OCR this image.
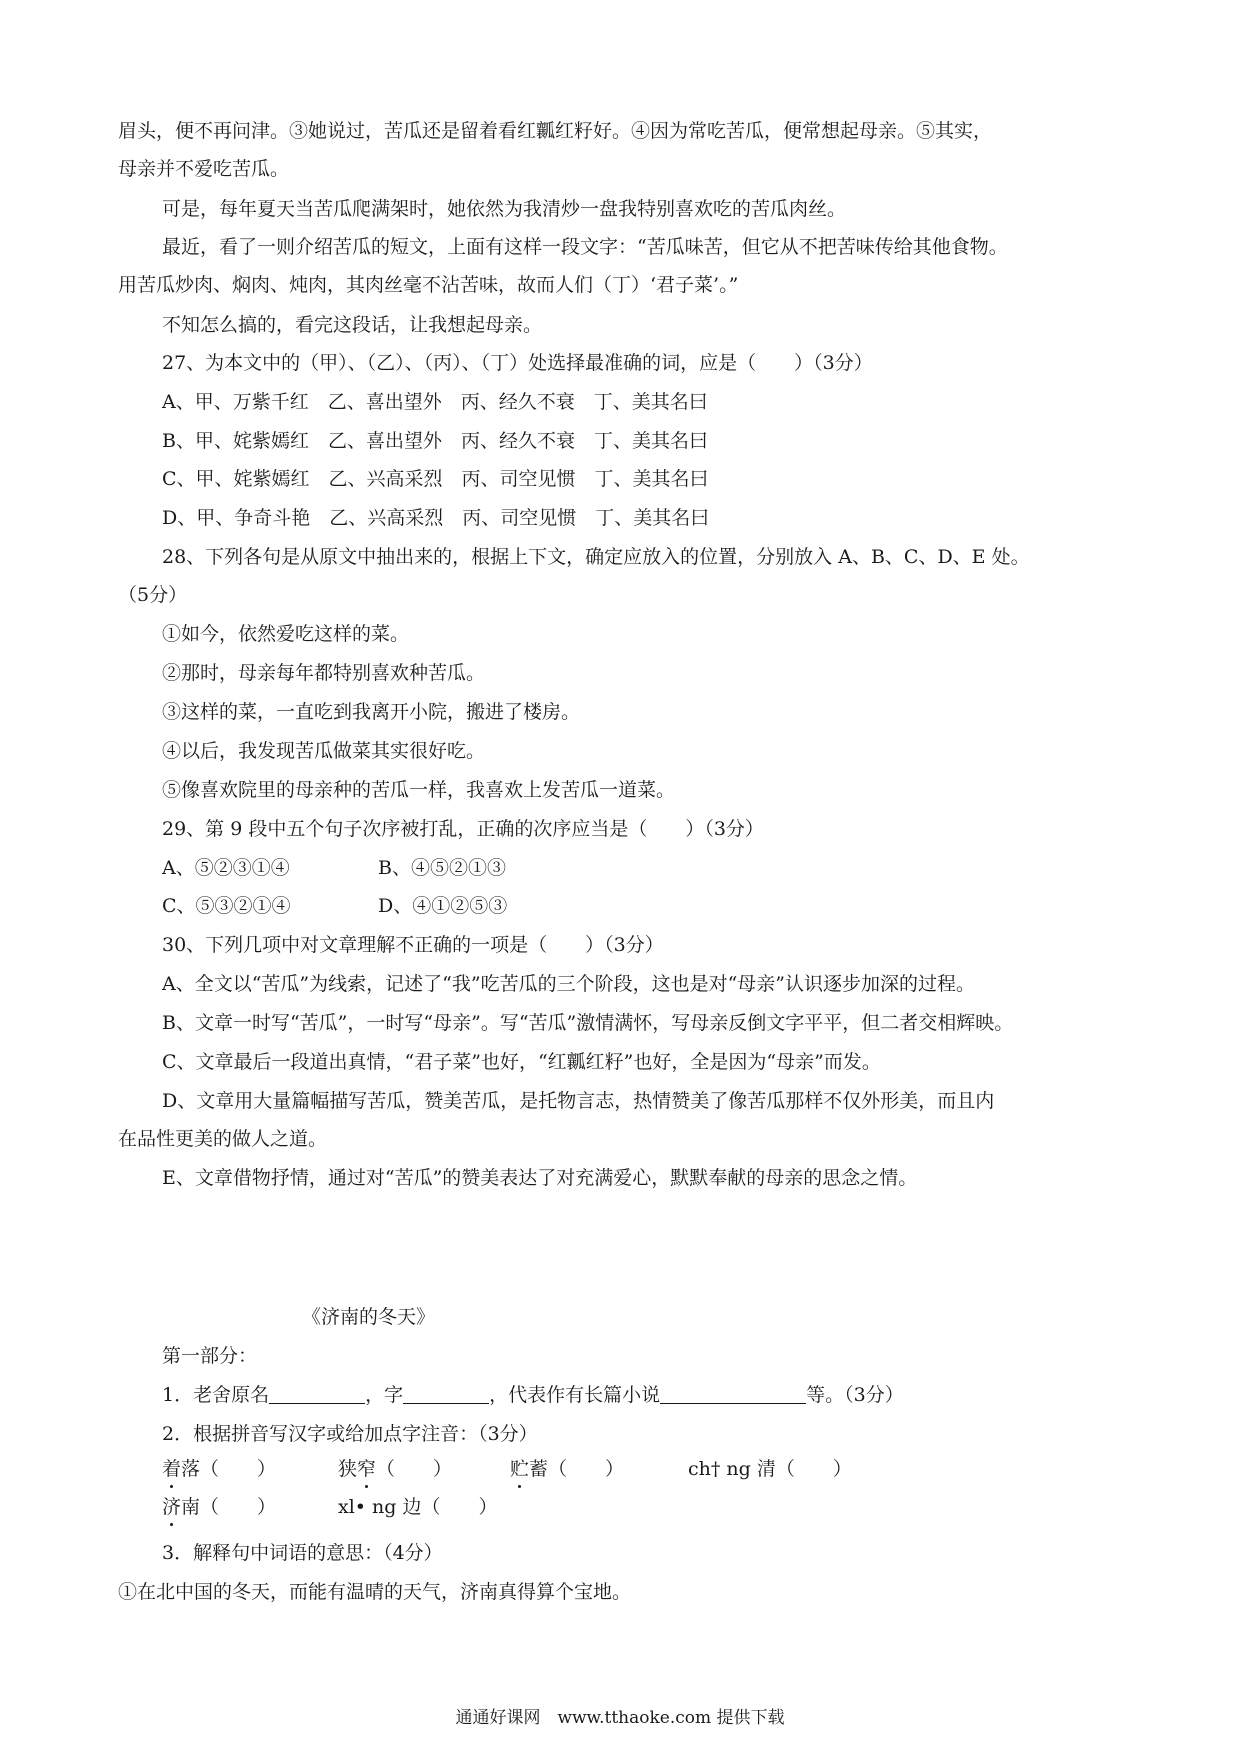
眉头，便不再问津。③她说过，苦瓜还是留着看红瓤红籽好。④因为常吃苦瓜，便常想起母亲。⑤其实，
母亲并不爱吃苦瓜。
可是，每年夏天当苦瓜爬满架时，她依然为我清炒一盘我特别喜欢吃的苦瓜肉丝。
最近，看了一则介绍苦瓜的短文，上面有这样一段文字：“苦瓜味苦，但它从不把苦味传给其他食物。
用苦瓜炒肉、焖肉、炖肉，其肉丝毫不沾苦味，故而人们（丁）‘君子菜’。”
不知怎么搞的，看完这段话，让我想起母亲。
27、为本文中的（甲）、（乙）、（丙）、（丁）处选择最准确的词，应是（　　）（3分）
A、甲、万紫千红　乙、喜出望外　丙、经久不衰　丁、美其名曰
B、甲、姹紫嫣红　乙、喜出望外　丙、经久不衰　丁、美其名曰
C、甲、姹紫嫣红　乙、兴高采烈　丙、司空见惯　丁、美其名曰
D、甲、争奇斗艳　乙、兴高采烈　丙、司空见惯　丁、美其名曰
28、下列各句是从原文中抽出来的，根据上下文，确定应放入的位置，分别放入 A、B、C、D、E 处。
（5分）
①如今，依然爱吃这样的菜。
②那时，母亲每年都特别喜欢种苦瓜。
③这样的菜，一直吃到我离开小院，搬进了楼房。
④以后，我发现苦瓜做菜其实很好吃。
⑤像喜欢院里的母亲种的苦瓜一样，我喜欢上发苦瓜一道菜。
29、第 9 段中五个句子次序被打乱，正确的次序应当是（　　）（3分）
A、⑤②③①④	B、④⑤②①③
C、⑤③②①④	D、④①②⑤③
30、下列几项中对文章理解不正确的一项是（　　）（3分）
A、全文以“苦瓜”为线索，记述了“我”吃苦瓜的三个阶段，这也是对“母亲”认识逐步加深的过程。
B、文章一时写“苦瓜”，一时写“母亲”。写“苦瓜”激情满怀，写母亲反倒文字平平，但二者交相辉映。
C、文章最后一段道出真情，“君子菜”也好，“红瓤红籽”也好，全是因为“母亲”而发。
D、文章用大量篇幅描写苦瓜，赞美苦瓜，是托物言志，热情赞美了像苦瓜那样不仅外形美，而且内
在品性更美的做人之道。
E、文章借物抒情，通过对“苦瓜”的赞美表达了对充满爱心，默默奉献的母亲的思念之情。
《济南的冬天》
第一部分：
1．老舍原名	，字	，代表作有长篇小说	等。（3分）
2．根据拼音写汉字或给加点字注音：（3分）
着落（　　）	狭窄（　　）	贮蓄（　　）	ch† ng 清（　　）
济南（　　）	xl• ng 边（　　）
3．解释句中词语的意思：（4分）
①在北中国的冬天，而能有温晴的天气，济南真得算个宝地。
通通好课网　www.tthaoke.com 提供下载
